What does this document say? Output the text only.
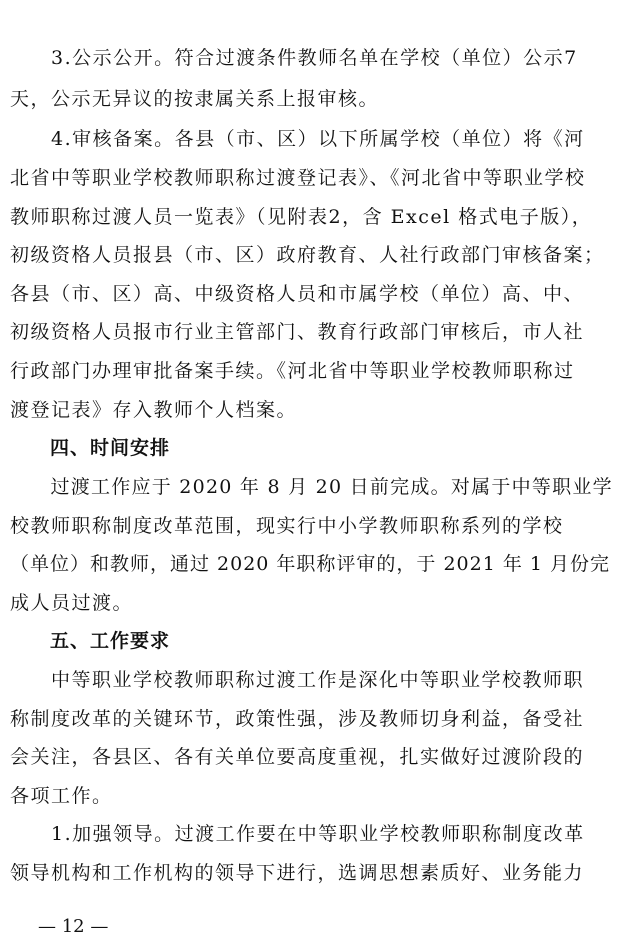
　　3.公示公开。符合过渡条件教师名单在学校（单位）公示7
天，公示无异议的按隶属关系上报审核。
　　4.审核备案。各县（市、区）以下所属学校（单位）将《河
北省中等职业学校教师职称过渡登记表》、《河北省中等职业学校
教师职称过渡人员一览表》（见附表2，含 Excel 格式电子版），
初级资格人员报县（市、区）政府教育、人社行政部门审核备案；
各县（市、区）高、中级资格人员和市属学校（单位）高、中、
初级资格人员报市行业主管部门、教育行政部门审核后，市人社
行政部门办理审批备案手续。《河北省中等职业学校教师职称过
渡登记表》存入教师个人档案。
　　四、时间安排
　　过渡工作应于 2020 年 8 月 20 日前完成。对属于中等职业学
校教师职称制度改革范围，现实行中小学教师职称系列的学校
（单位）和教师，通过 2020 年职称评审的，于 2021 年 1 月份完
成人员过渡。
　　五、工作要求
　　中等职业学校教师职称过渡工作是深化中等职业学校教师职
称制度改革的关键环节，政策性强，涉及教师切身利益，备受社
会关注，各县区、各有关单位要高度重视，扎实做好过渡阶段的
各项工作。
　　1.加强领导。过渡工作要在中等职业学校教师职称制度改革
领导机构和工作机构的领导下进行，选调思想素质好、业务能力
— 12 —
